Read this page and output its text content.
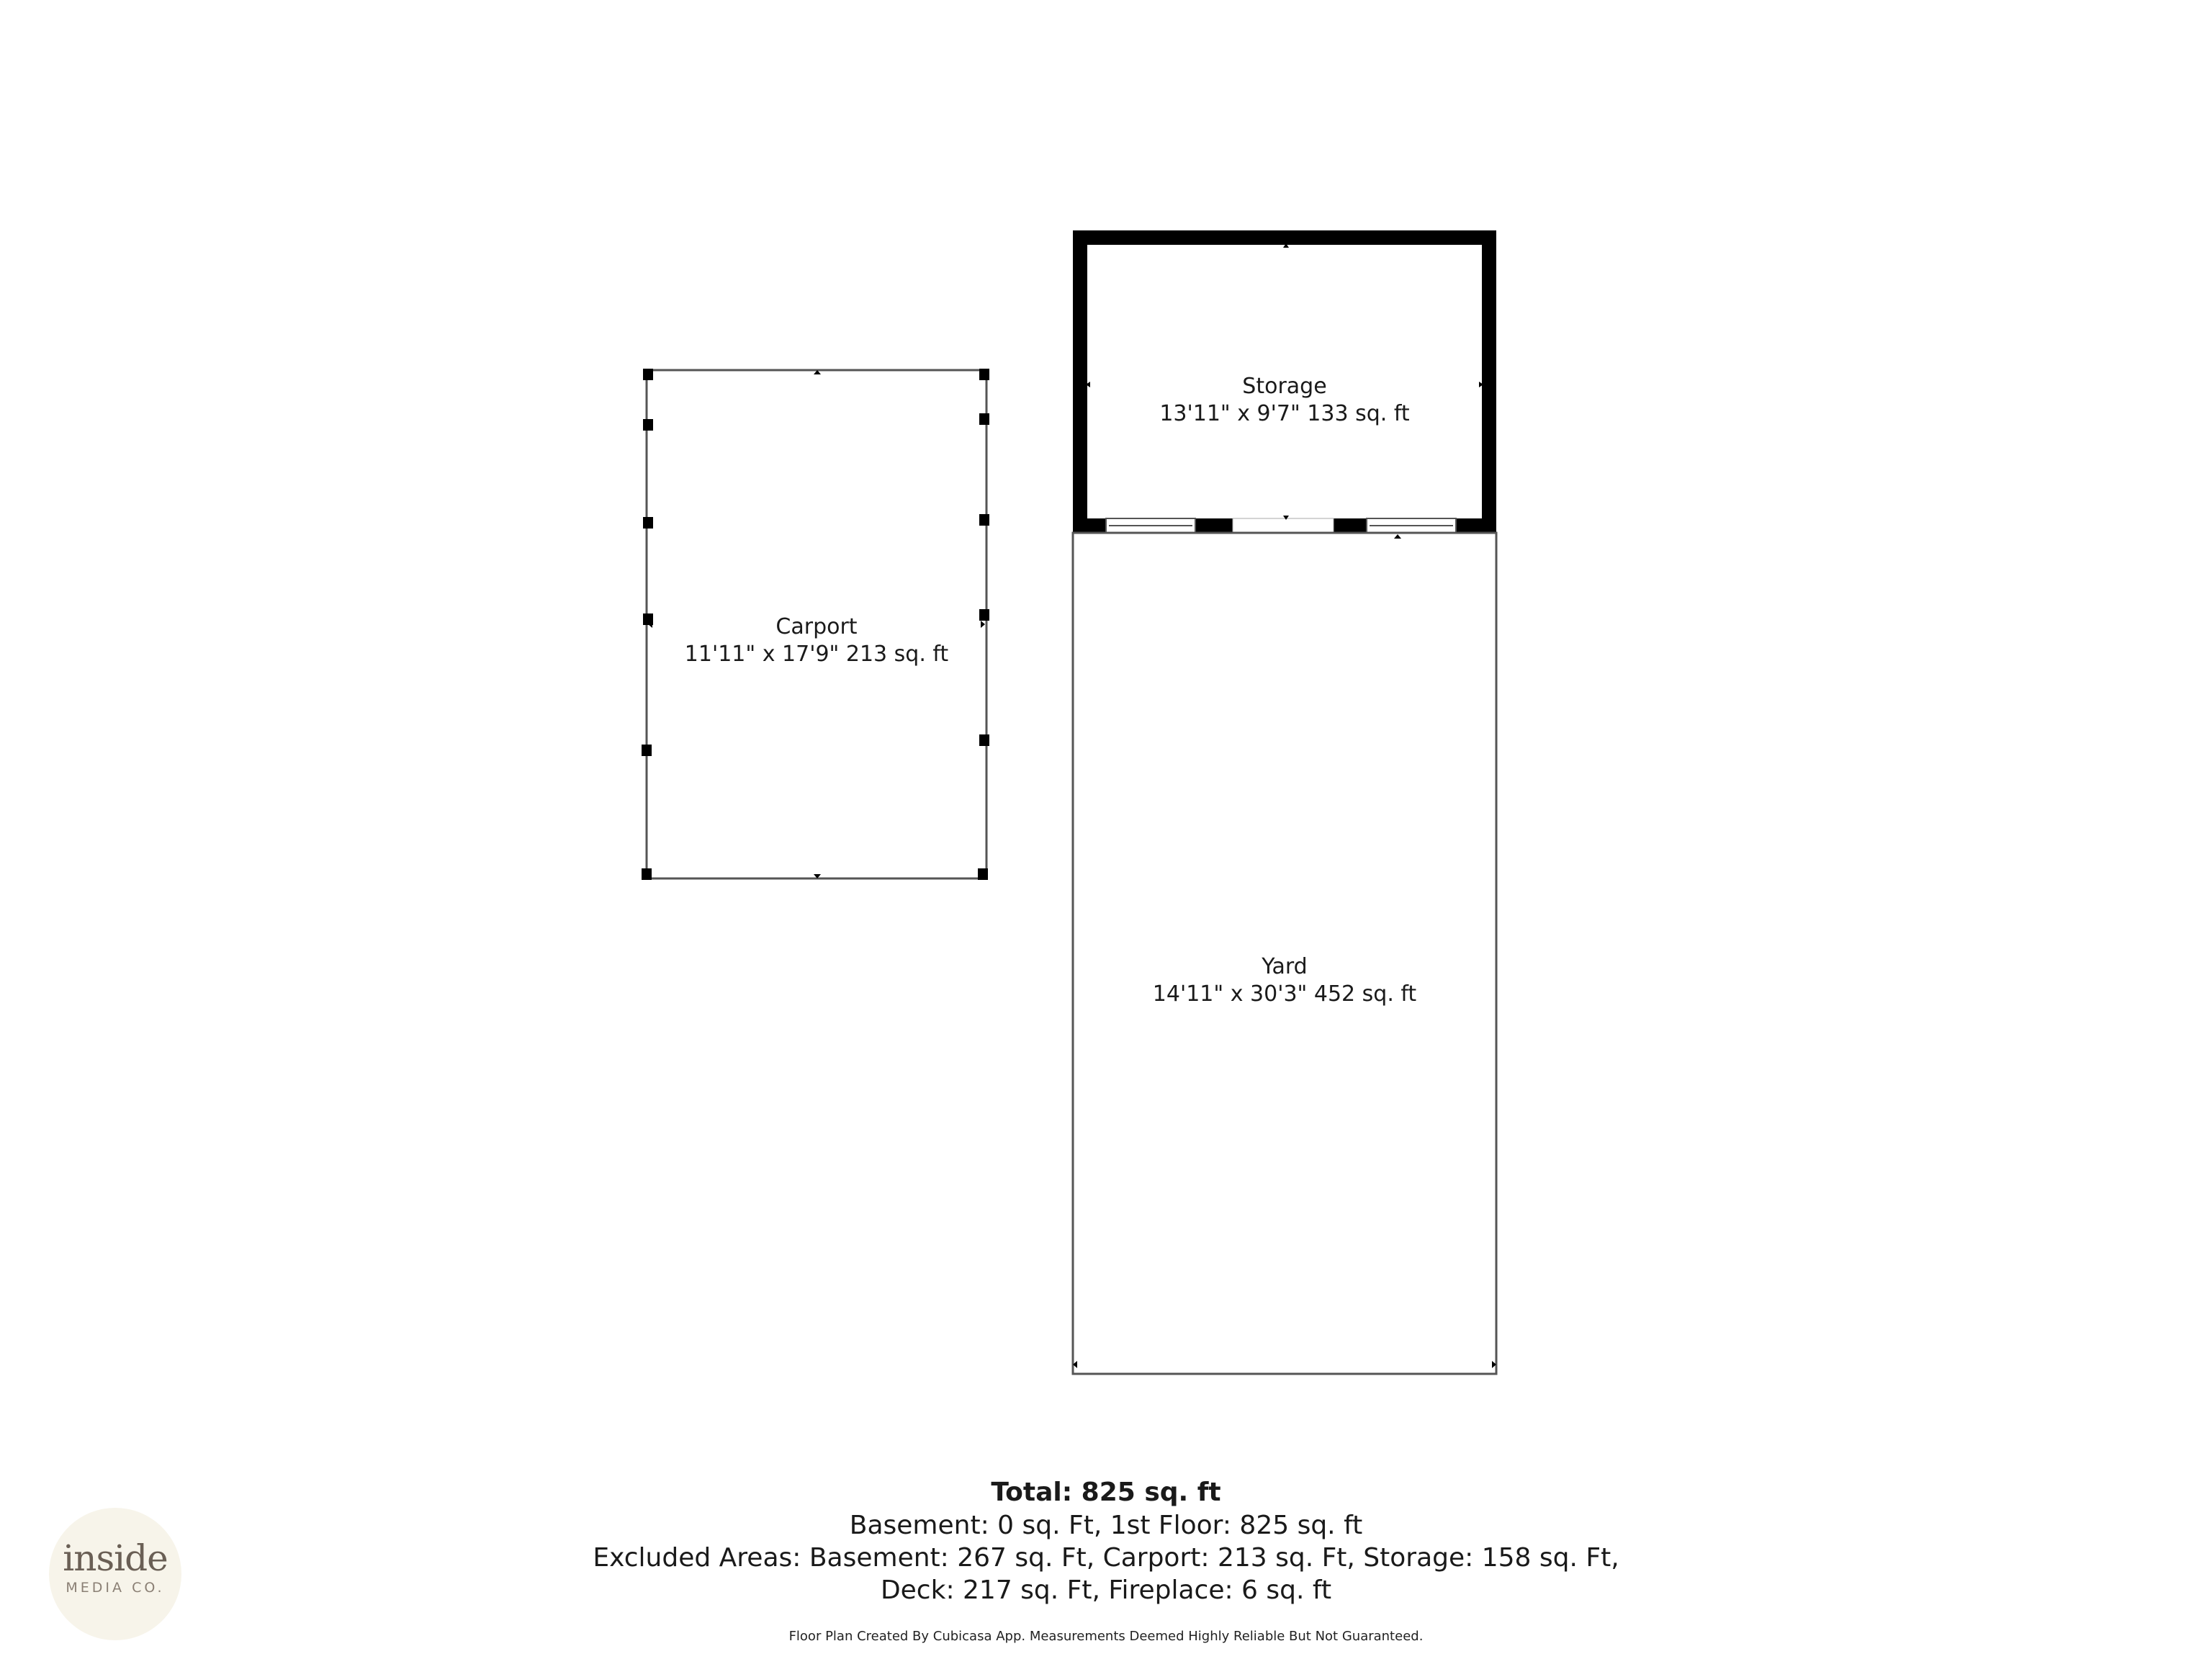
Storage
13'11" x 9'7" 133 sq. ft
Carport
11'11" x 17'9" 213 sq. ft
Yard
14'11" x 30'3" 452 sq. ft
Total: 825 sq. ft
Basement: 0 sq. Ft, 1st Floor: 825 sq. ft
Excluded Areas: Basement: 267 sq. Ft, Carport: 213 sq. Ft, Storage: 158 sq. Ft,
Deck: 217 sq. Ft, Fireplace: 6 sq. ft
Floor Plan Created By Cubicasa App. Measurements Deemed Highly Reliable But Not Guaranteed.
inside
MEDIA CO.
